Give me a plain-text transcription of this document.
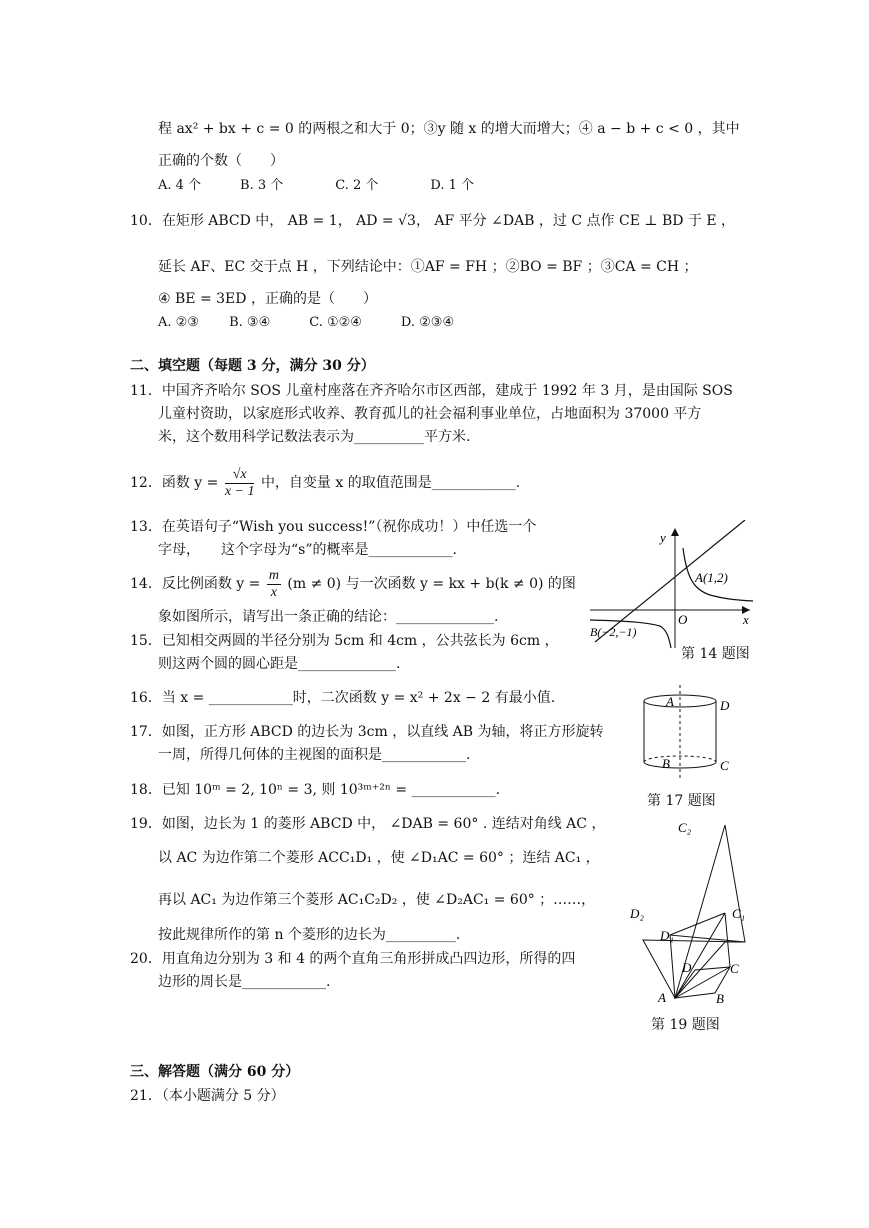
程 ax² + bx + c = 0 的两根之和大于 0；③y 随 x 的增大而增大；④ a − b + c < 0 ，其中
正确的个数（　　）
A. 4 个　　　B. 3 个　　　　C. 2 个　　　　D. 1 个
10．在矩形 ABCD 中， AB = 1， AD = √3， AF 平分 ∠DAB ，过 C 点作 CE ⊥ BD 于 E ，
延长 AF、EC 交于点 H ，下列结论中：①AF = FH ；②BO = BF ；③CA = CH ；
④ BE = 3ED ，正确的是（　　）
A. ②③　　 B. ③④　　　C. ①②④　　　D. ②③④
二、填空题（每题 3 分，满分 30 分）
11．中国齐齐哈尔 SOS 儿童村座落在齐齐哈尔市区西部，建成于 1992 年 3 月，是由国际 SOS
儿童村资助，以家庭形式收养、教育孤儿的社会福利事业单位，占地面积为 37000 平方
米，这个数用科学记数法表示为__________平方米.
12．函数 $y = \frac{√x}{x - 1}$ 中，自变量 x 的取值范围是____________.
13．在英语句子“Wish you success!”（祝你成功！）中任选一个
字母，　　这个字母为“s”的概率是____________.
14．反比例函数 $y = \frac{m}{x} (m \ne 0)$ 与一次函数 y = kx + b(k ≠ 0) 的图
象如图所示，请写出一条正确的结论：______________.
15．已知相交两圆的半径分别为 5cm 和 4cm ，公共弦长为 6cm ，
则这两个圆的圆心距是______________.
16．当 x = ____________时，二次函数 y = x² + 2x − 2 有最小值.
17．如图，正方形 ABCD 的边长为 3cm ，以直线 AB 为轴，将正方形旋转
一周，所得几何体的主视图的面积是____________.
18．已知 10ᵐ = 2, 10ⁿ = 3, 则 10³ᵐ⁺²ⁿ = ____________.
19．如图，边长为 1 的菱形 ABCD 中， ∠DAB = 60° . 连结对角线 AC ，
以 AC 为边作第二个菱形 ACC₁D₁ ，使 ∠D₁AC = 60° ；连结 AC₁ ，
再以 AC₁ 为边作第三个菱形 AC₁C₂D₂ ，使 ∠D₂AC₁ = 60° ；……，
按此规律所作的第 n 个菱形的边长为__________.
20．用直角边分别为 3 和 4 的两个直角三角形拼成凸四边形，所得的四
边形的周长是____________.
三、解答题（满分 60 分）
21．（本小题满分 5 分）
y
x
O
A(1,2)
B(−2,−1)
第 14 题图
A	D
B	C
第 17 题图
C₂
D₂	C₁
D₁
D	C
A	B
第 19 题图
